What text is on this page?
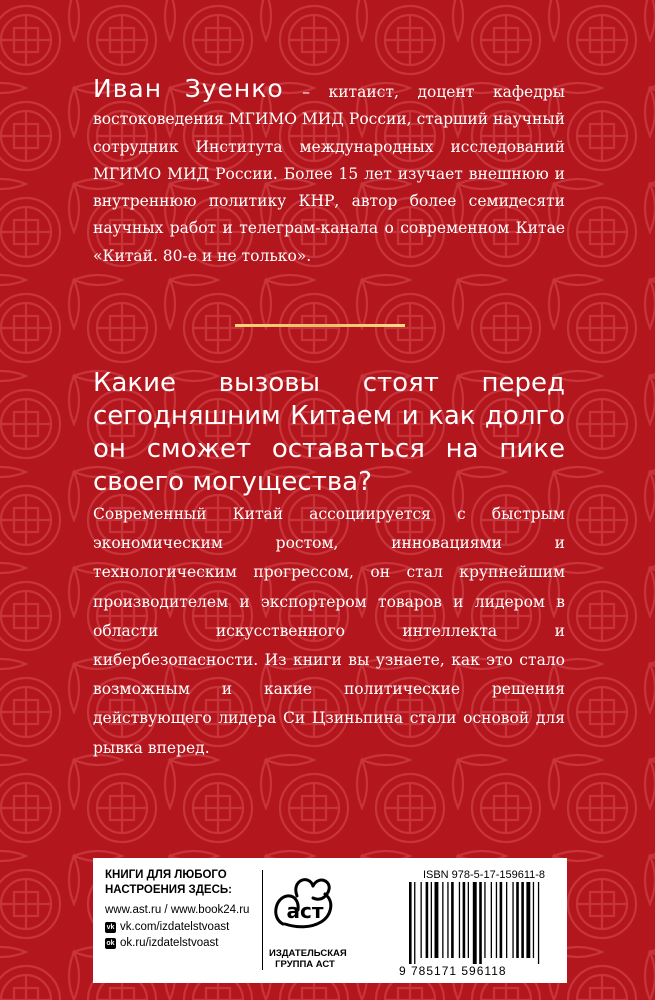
Иван Зуенко – китаист, доцент кафедры востоковедения МГИМО МИД России, старший научный сотрудник Института международных исследований МГИМО МИД России. Более 15 лет изучает внешнюю и внутреннюю политику КНР, автор более семидесяти научных работ и телеграм-канала о современном Китае «Китай. 80-е и не только».
Какие вызовы стоят перед сегодняшним Китаем и как долго он сможет оставаться на пике своего могущества?
Современный Китай ассоциируется с быстрым экономическим ростом, инновациями и технологическим прогрессом, он стал крупнейшим производителем и экспортером товаров и лидером в области искусственного интеллекта и кибербезопасности. Из книги вы узнаете, как это стало возможным и какие политические решения действующего лидера Си Цзиньпина стали основой для рывка вперед.
КНИГИ ДЛЯ ЛЮБОГО
НАСТРОЕНИЯ ЗДЕСЬ:
www.ast.ru / www.book24.ru
vk vk.com/izdatelstvoast
ok ok.ru/izdatelstvoast
аст
ИЗДАТЕЛЬСКАЯ
ГРУППА АСТ
ISBN 978-5-17-159611-8
9 785171 596118
